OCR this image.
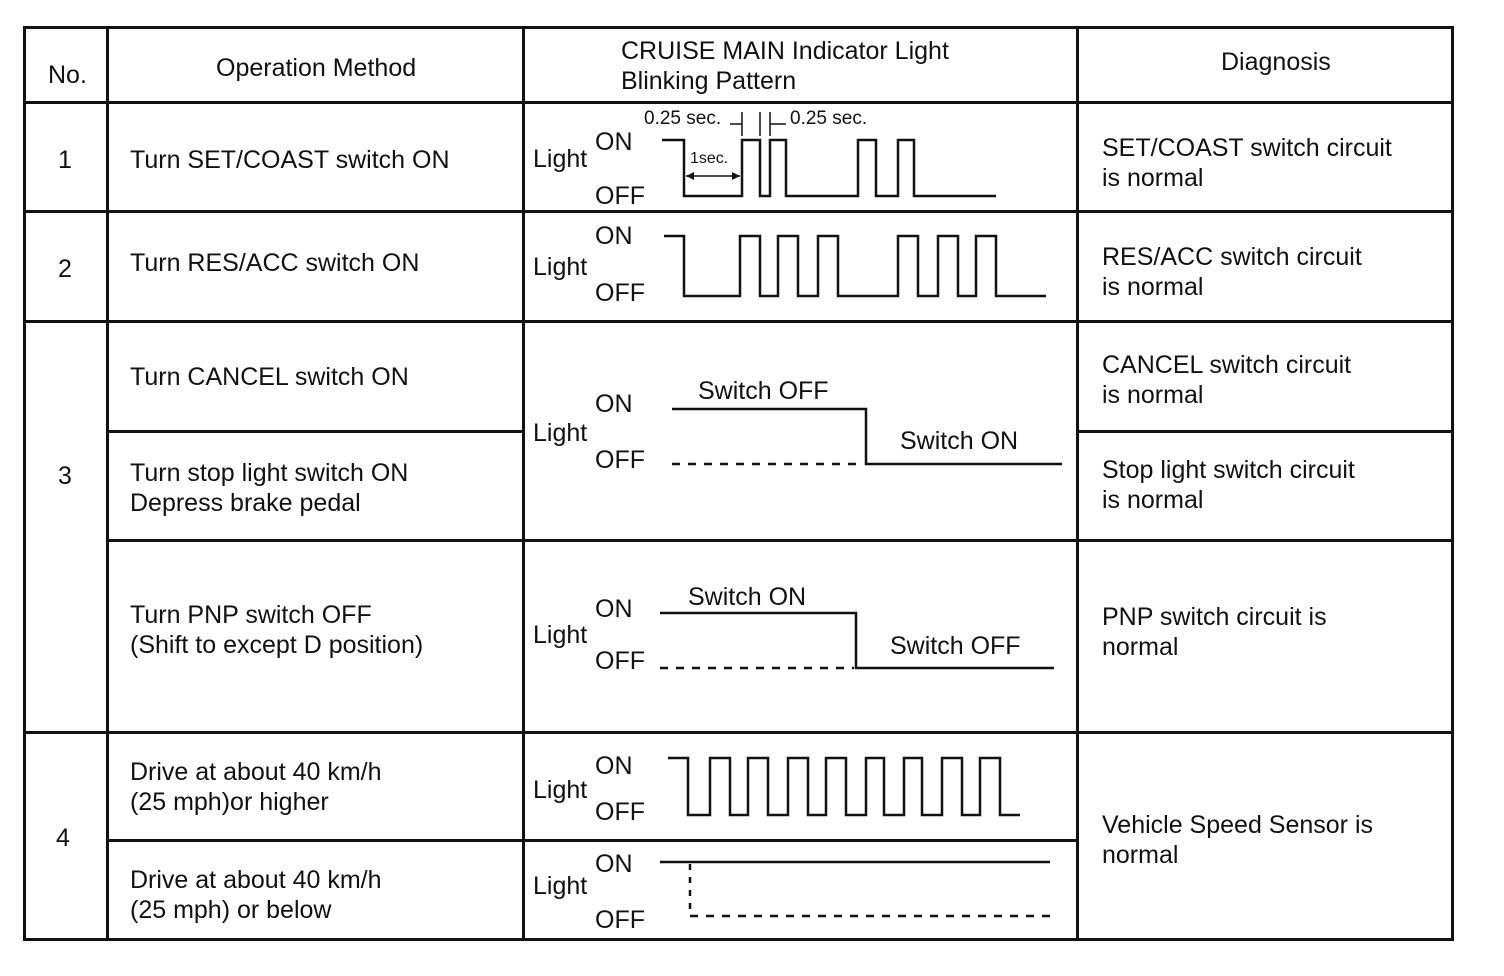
No.	Operation Method
CRUISE MAIN Indicator Light
Blinking Pattern
Diagnosis
1
2
3
4
Turn SET/COAST switch ON
Turn RES/ACC switch ON
Turn CANCEL switch ON
Turn stop light switch ON
Depress brake pedal
Turn PNP switch OFF
(Shift to except D position)
Drive at about 40 km/h
(25 mph)or higher
Drive at about 40 km/h
(25 mph) or below
SET/COAST switch circuit
is normal
RES/ACC switch circuit
is normal
CANCEL switch circuit
is normal
Stop light switch circuit
is normal
PNP switch circuit is
normal
Vehicle Speed Sensor is
normal
Light
ON
OFF
Light
ON
OFF
Light
ON
OFF
Light
ON
OFF
Light
ON
OFF
Light
ON
OFF
0.25 sec.	0.25 sec.
1sec.
Switch OFF
Switch ON
Switch ON
Switch OFF
